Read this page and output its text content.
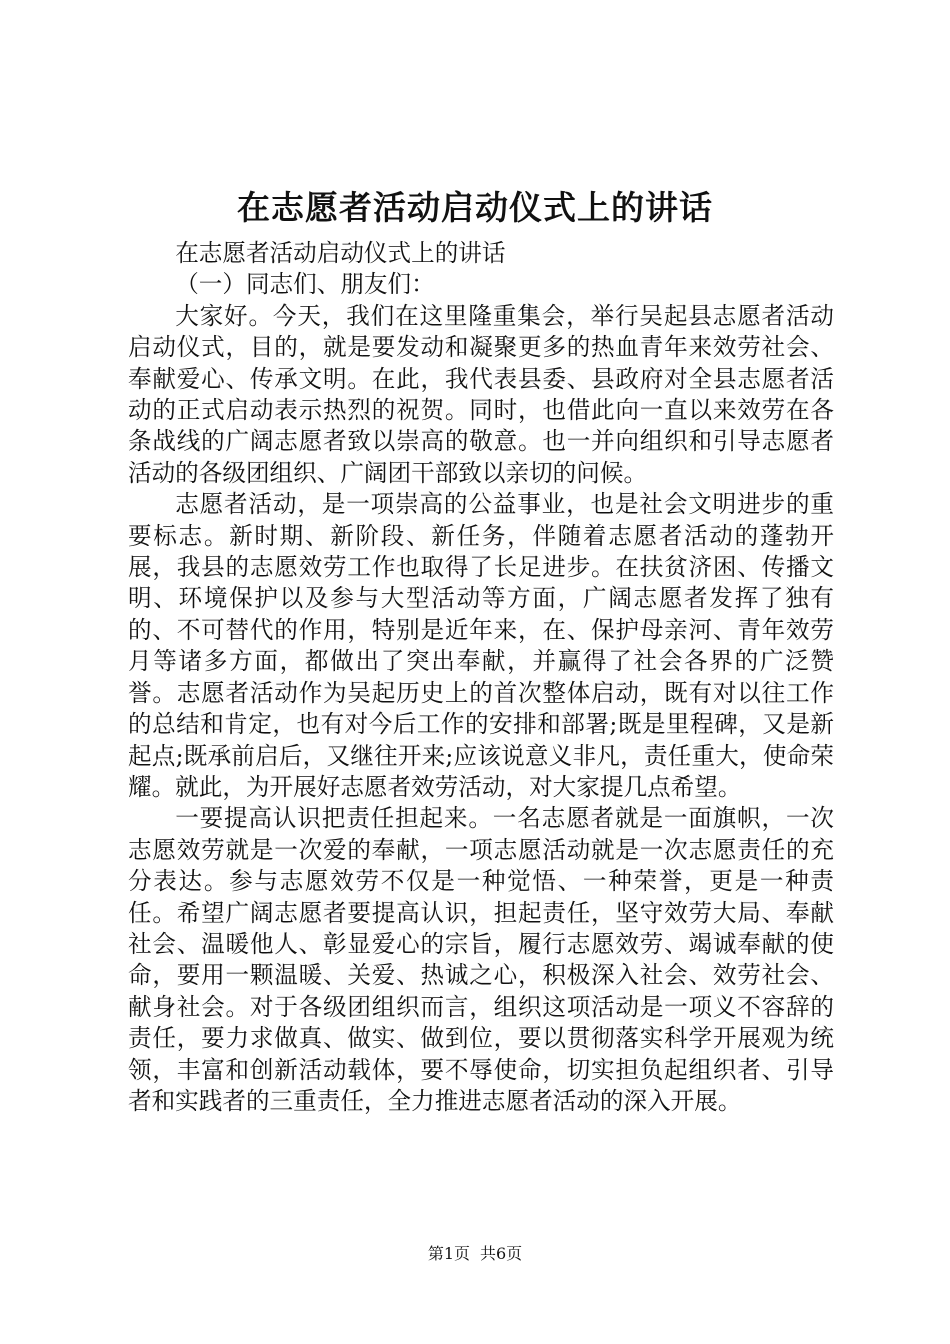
在志愿者活动启动仪式上的讲话

在志愿者活动启动仪式上的讲话

（一）同志们、朋友们：

大家好。今天，我们在这里隆重集会，举行吴起县志愿者活动启动仪式，目的，就是要发动和凝聚更多的热血青年来效劳社会、奉献爱心、传承文明。在此，我代表县委、县政府对全县志愿者活动的正式启动表示热烈的祝贺。同时，也借此向一直以来效劳在各条战线的广阔志愿者致以崇高的敬意。也一并向组织和引导志愿者活动的各级团组织、广阔团干部致以亲切的问候。

志愿者活动，是一项崇高的公益事业，也是社会文明进步的重要标志。新时期、新阶段、新任务，伴随着志愿者活动的蓬勃开展，我县的志愿效劳工作也取得了长足进步。在扶贫济困、传播文明、环境保护以及参与大型活动等方面，广阔志愿者发挥了独有的、不可替代的作用，特别是近年来，在、保护母亲河、青年效劳月等诸多方面，都做出了突出奉献，并赢得了社会各界的广泛赞誉。志愿者活动作为吴起历史上的首次整体启动，既有对以往工作的总结和肯定，也有对今后工作的安排和部署;既是里程碑，又是新起点;既承前启后，又继往开来;应该说意义非凡，责任重大，使命荣耀。就此，为开展好志愿者效劳活动，对大家提几点希望。

一要提高认识把责任担起来。一名志愿者就是一面旗帜，一次志愿效劳就是一次爱的奉献，一项志愿活动就是一次志愿责任的充分表达。参与志愿效劳不仅是一种觉悟、一种荣誉，更是一种责任。希望广阔志愿者要提高认识，担起责任，坚守效劳大局、奉献社会、温暖他人、彰显爱心的宗旨，履行志愿效劳、竭诚奉献的使命，要用一颗温暖、关爱、热诚之心，积极深入社会、效劳社会、献身社会。对于各级团组织而言，组织这项活动是一项义不容辞的责任，要力求做真、做实、做到位，要以贯彻落实科学开展观为统领，丰富和创新活动载体，要不辱使命，切实担负起组织者、引导者和实践者的三重责任，全力推进志愿者活动的深入开展。

第1页 共6页
